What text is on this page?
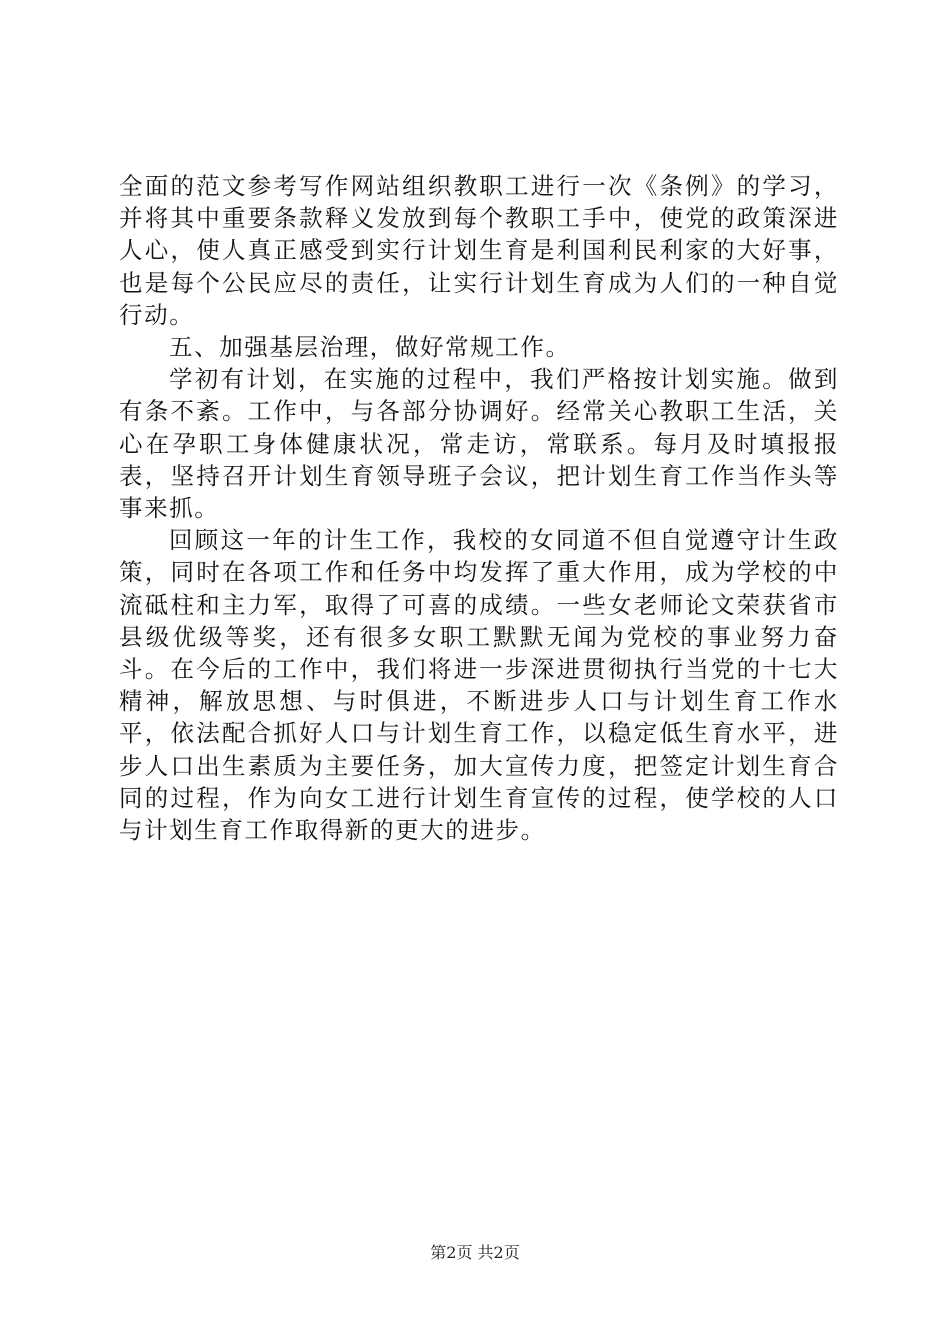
全面的范文参考写作网站组织教职工进行一次《条例》的学习，并将其中重要条款释义发放到每个教职工手中，使党的政策深进人心，使人真正感受到实行计划生育是利国利民利家的大好事，也是每个公民应尽的责任，让实行计划生育成为人们的一种自觉行动。

五、加强基层治理，做好常规工作。

学初有计划，在实施的过程中，我们严格按计划实施。做到有条不紊。工作中，与各部分协调好。经常关心教职工生活，关心在孕职工身体健康状况，常走访，常联系。每月及时填报报表，坚持召开计划生育领导班子会议，把计划生育工作当作头等事来抓。

回顾这一年的计生工作，我校的女同道不但自觉遵守计生政策，同时在各项工作和任务中均发挥了重大作用，成为学校的中流砥柱和主力军，取得了可喜的成绩。一些女老师论文荣获省市县级优级等奖，还有很多女职工默默无闻为党校的事业努力奋斗。在今后的工作中，我们将进一步深进贯彻执行当党的十七大精神，解放思想、与时俱进，不断进步人口与计划生育工作水平，依法配合抓好人口与计划生育工作，以稳定低生育水平，进步人口出生素质为主要任务，加大宣传力度，把签定计划生育合同的过程，作为向女工进行计划生育宣传的过程，使学校的人口与计划生育工作取得新的更大的进步。

第2页 共2页
